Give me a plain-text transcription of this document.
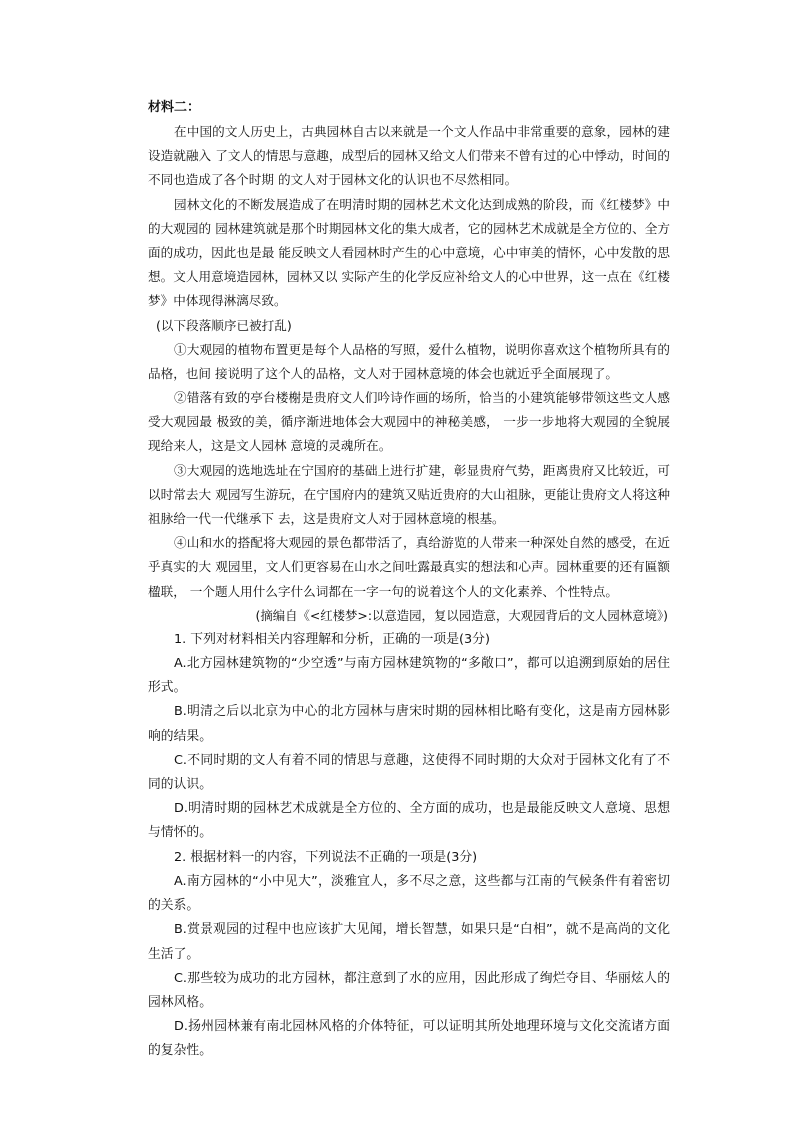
材料二：

在中国的文人历史上，古典园林自古以来就是一个文人作品中非常重要的意象，园林的建设造就融入 了文人的情思与意趣，成型后的园林又给文人们带来不曾有过的心中悸动，时间的不同也造成了各个时期 的文人对于园林文化的认识也不尽然相同。

园林文化的不断发展造成了在明清时期的园林艺术文化达到成熟的阶段，而《红楼梦》中的大观园的 园林建筑就是那个时期园林文化的集大成者，它的园林艺术成就是全方位的、全方面的成功，因此也是最 能反映文人看园林时产生的心中意境，心中审美的情怀，心中发散的思想。文人用意境造园林，园林又以 实际产生的化学反应补给文人的心中世界，这一点在《红楼梦》中体现得淋漓尽致。

(以下段落顺序已被打乱)

①大观园的植物布置更是每个人品格的写照，爱什么植物，说明你喜欢这个植物所具有的品格，也间 接说明了这个人的品格，文人对于园林意境的体会也就近乎全面展现了。

②错落有致的亭台楼榭是贵府文人们吟诗作画的场所，恰当的小建筑能够带领这些文人感受大观园最 极致的美，循序渐进地体会大观园中的神秘美感， 一步一步地将大观园的全貌展现给来人，这是文人园林 意境的灵魂所在。

③大观园的选地选址在宁国府的基础上进行扩建，彰显贵府气势，距离贵府又比较近，可以时常去大 观园写生游玩，在宁国府内的建筑又贴近贵府的大山祖脉，更能让贵府文人将这种祖脉给一代一代继承下 去，这是贵府文人对于园林意境的根基。

④山和水的搭配将大观园的景色都带活了，真给游览的人带来一种深处自然的感受，在近乎真实的大 观园里，文人们更容易在山水之间吐露最真实的想法和心声。园林重要的还有匾额楹联， 一个题人用什么字什么词都在一字一句的说着这个人的文化素养、个性特点。

(摘编自《<红楼梦>:以意造园，复以园造意，大观园背后的文人园林意境》)

1. 下列对材料相关内容理解和分析，正确的一项是(3分)

A.北方园林建筑物的“少空透”与南方园林建筑物的“多敞口”，都可以追溯到原始的居住形式。

B.明清之后以北京为中心的北方园林与唐宋时期的园林相比略有变化，这是南方园林影响的结果。

C.不同时期的文人有着不同的情思与意趣，这使得不同时期的大众对于园林文化有了不同的认识。

D.明清时期的园林艺术成就是全方位的、全方面的成功，也是最能反映文人意境、思想与情怀的。

2. 根据材料一的内容，下列说法不正确的一项是(3分)

A.南方园林的“小中见大”，淡雅宜人，多不尽之意，这些都与江南的气候条件有着密切的关系。

B.赏景观园的过程中也应该扩大见闻，增长智慧，如果只是“白相”，就不是高尚的文化生活了。

C.那些较为成功的北方园林，都注意到了水的应用，因此形成了绚烂夺目、华丽炫人的园林风格。

D.扬州园林兼有南北园林风格的介体特征，可以证明其所处地理环境与文化交流诸方面的复杂性。
